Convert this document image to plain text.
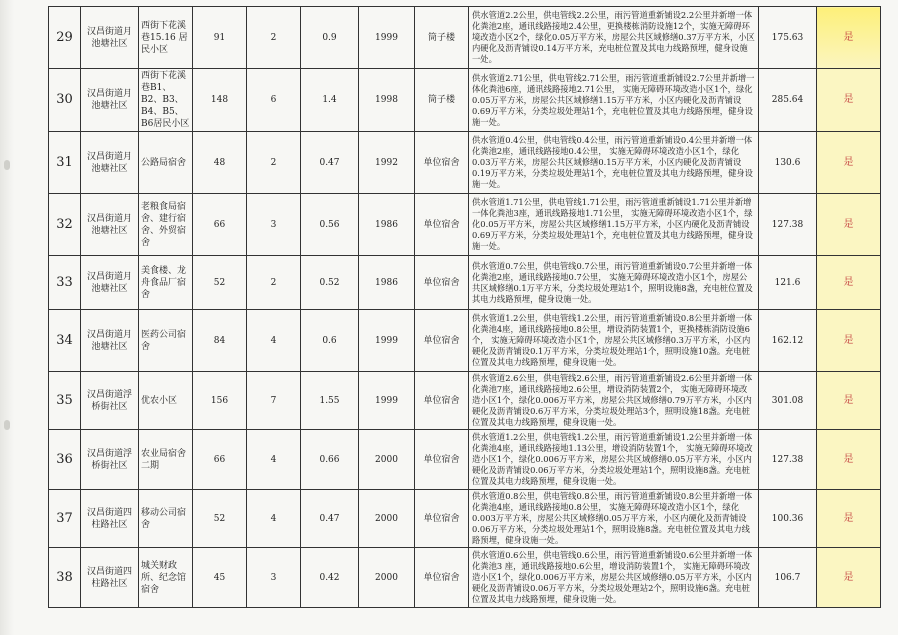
29	汉昌街道月池塘社区	西街下花溪巷15.16 居民小区	91	2	0.9	1999	筒子楼	供水管道2.2公里，供电管线2.2公里，雨污管道重新铺设2.2公里并新增一体化粪池2座，通讯线路接地2.4公里，更换楼栋消防设施12个，实施无障碍环境改造小区2个，绿化0.05万平方米，房屋公共区域修缮0.37万平方米，小区内硬化及沥青铺设0.14万平方米，充电桩位置及其电力线路预埋，健身设施一处。	175.63	是
30	汉昌街道月池塘社区	西街下花溪巷B1、B2、B3、B4、B5、B6居民小区	148	6	1.4	1998	筒子楼	供水管道2.71公里，供电管线2.71公里，雨污管道重新铺设2.7公里并新增一体化粪池6座，通讯线路接地2.71公里， 实施无障碍环境改造小区1个，绿化0.05万平方米，房屋公共区域修缮1.15万平方米，小区内硬化及沥青铺设0.69万平方米，分类垃圾处理站1个，充电桩位置及其电力线路预埋，健身设施一处。	285.64	是
31	汉昌街道月池塘社区	公路局宿舍	48	2	0.47	1992	单位宿舍	供水管道0.4公里，供电管线0.4公里，雨污管道重新铺设0.4公里并新增一体化粪池2座，通讯线路接地0.4公里， 实施无障碍环境改造小区1个，绿化0.03万平方米，房屋公共区域修缮0.15万平方米，小区内硬化及沥青铺设0.19万平方米，分类垃圾处理站1个，充电桩位置及其电力线路预埋，健身设施一处。	130.6	是
32	汉昌街道月池塘社区	老粮食局宿舍、建行宿舍、外贸宿舍	66	3	0.56	1986	单位宿舍	供水管道1.71公里，供电管线1.71公里，雨污管道重新铺设1.71公里并新增一体化粪池3座，通讯线路接地1.71公里， 实施无障碍环境改造小区1个，绿化0.05万平方米，房屋公共区域修缮1.15万平方米，小区内硬化及沥青铺设0.69万平方米，分类垃圾处理站1个，充电桩位置及其电力线路预埋，健身设施一处。	127.38	是
33	汉昌街道月池塘社区	美食楼、龙舟食品厂宿舍	52	2	0.52	1986	单位宿舍	供水管道0.7公里，供电管线0.7公里，雨污管道重新铺设0.7公里并新增一体化粪池2座，通讯线路接地0.7公里， 实施无障碍环境改造小区1个，房屋公共区域修缮0.1万平方米，分类垃圾处理站1个，照明设施8盏，充电桩位置及其电力线路预埋，健身设施一处。	121.6	是
34	汉昌街道月池塘社区	医药公司宿舍	84	4	0.6	1999	单位宿舍	供水管道1.2公里，供电管线1.2公里，雨污管道重新铺设0.8公里并新增一体化粪池4座，通讯线路接地0.8公里，增设消防装置1个，更换楼栋消防设施6个， 实施无障碍环境改造小区1个，房屋公共区域修缮0.3万平方米，小区内硬化及沥青铺设0.1万平方米，分类垃圾处理站1个，照明设施10盏。充电桩位置及其电力线路预埋，健身设施一处。	162.12	是
35	汉昌街道浮桥街社区	优农小区	156	7	1.55	1999	单位宿舍	供水管道2.6公里，供电管线2.6公里，雨污管道重新铺设2.6公里并新增一体化粪池7座，通讯线路接地2.6公里，增设消防装置2个， 实施无障碍环境改造小区1个，绿化0.006万平方米，房屋公共区域修缮0.79万平方米，小区内硬化及沥青铺设0.6万平方米，分类垃圾处理站3个，照明设施18盏。充电桩位置及其电力线路预埋，健身设施一处。	301.08	是
36	汉昌街道浮桥街社区	农业局宿舍二期	66	4	0.66	2000	单位宿舍	供水管道1.2公里，供电管线1.2公里，雨污管道重新铺设1.2公里并新增一体化粪池4座，通讯线路接地1.13公里，增设消防装置1个， 实施无障碍环境改造小区1个，绿化0.006万平方米，房屋公共区域修缮0.05万平方米，小区内硬化及沥青铺设0.06万平方米，分类垃圾处理站1个，照明设施8盏。充电桩位置及其电力线路预埋，健身设施一处。	127.38	是
37	汉昌街道四柱路社区	移动公司宿舍	52	4	0.47	2000	单位宿舍	供水管道0.8公里，供电管线0.8公里，雨污管道重新铺设0.8公里并新增一体化粪池4座，通讯线路接地0.8公里， 实施无障碍环境改造小区1个，绿化0.003万平方米，房屋公共区域修缮0.05万平方米，小区内硬化及沥青铺设0.06万平方米，分类垃圾处理站1个，照明设施8盏。充电桩位置及其电力线路预埋，健身设施一处。	100.36	是
38	汉昌街道四柱路社区	城关财政所、纪念馆宿舍	45	3	0.42	2000	单位宿舍	供水管道0.6公里，供电管线0.6公里，雨污管道重新铺设0.6公里并新增一体化粪池3 座，通讯线路接地0.6公里，增设消防装置1个， 实施无障碍环境改造小区1个，绿化0.006万平方米，房屋公共区域修缮0.05万平方米，小区内硬化及沥青铺设0.06万平方米，分类垃圾处理站2个，照明设施6盏。充电桩位置及其电力线路预埋，健身设施一处。	106.7	是
